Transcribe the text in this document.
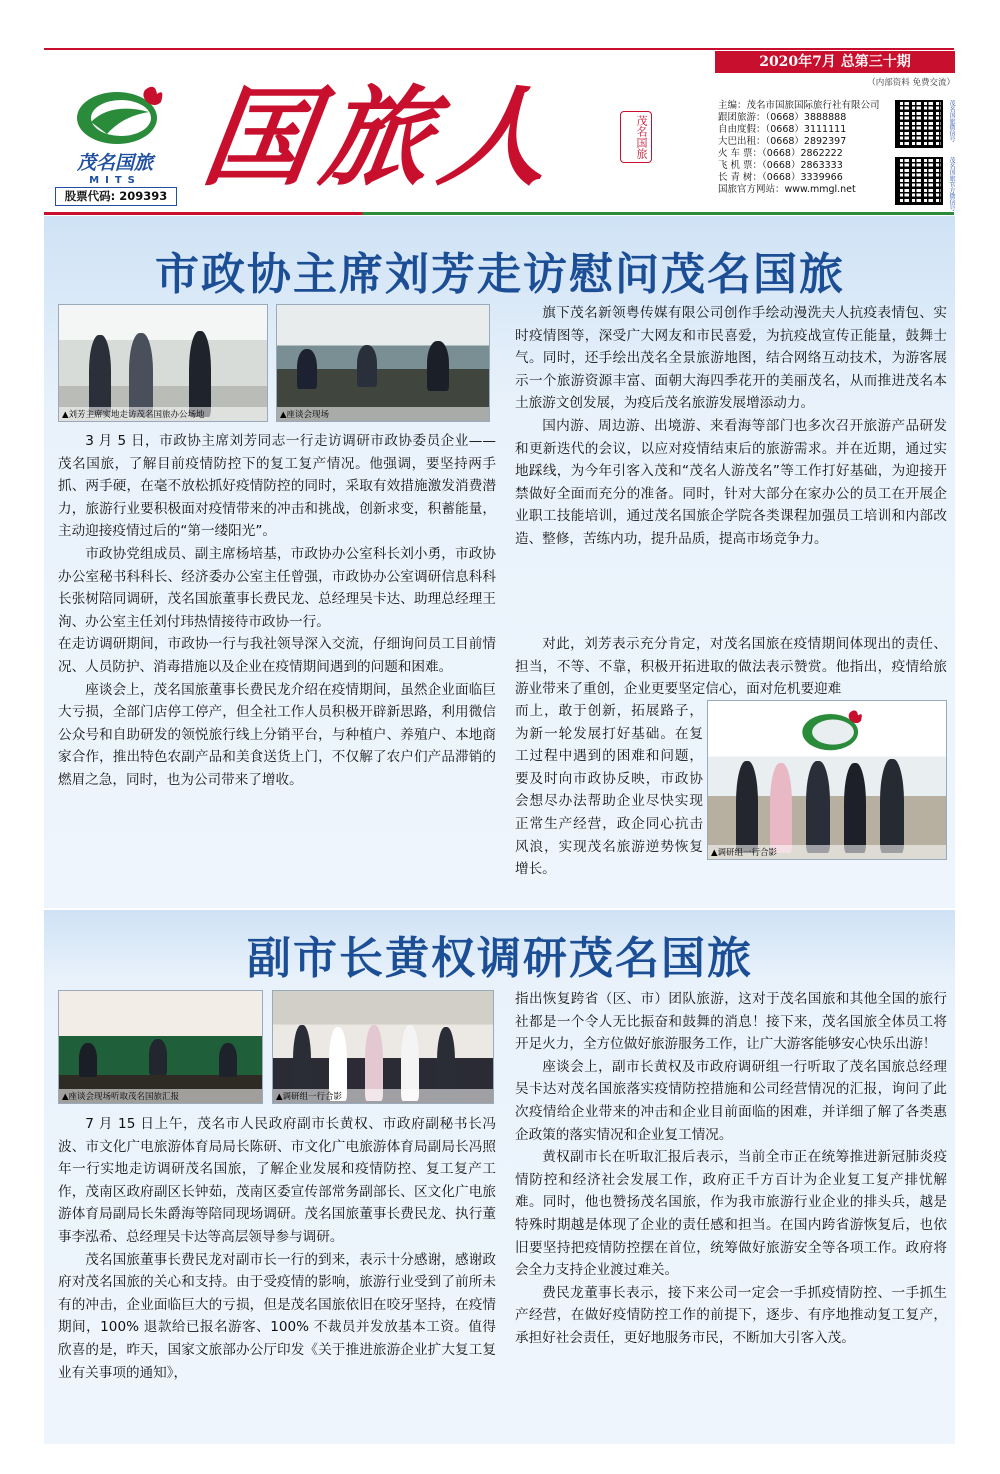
2020年7月 总第三十期
（内部资料 免费交流）
茂名国旅
MITS
股票代码: 209393 国旅人	茂名国旅
主编：茂名市国旅国际旅行社有限公司
跟团旅游：（0668）3888888
自由度假：（0668）3111111
大巴出租：（0668）2892397
火 车 票：（0668）2862222
飞 机 票：（0668）2863333
长 青 树：（0668）3339966
国旅官方网站：www.mmgl.net
茂名国旅微信号
茂名国旅官方微信号
市政协主席刘芳走访慰问茂名国旅
▲刘芳主席实地走访茂名国旅办公场地	▲座谈会现场

3 月 5 日，市政协主席刘芳同志一行走访调研市政协委员企业——茂名国旅，了解目前疫情防控下的复工复产情况。他强调，要坚持两手抓、两手硬，在毫不放松抓好疫情防控的同时，采取有效措施激发消费潜力，旅游行业要积极面对疫情带来的冲击和挑战，创新求变，积蓄能量，主动迎接疫情过后的“第一缕阳光”。

市政协党组成员、副主席杨培基，市政协办公室科长刘小勇，市政协办公室秘书科科长、经济委办公室主任曾强，市政协办公室调研信息科科长张树陪同调研，茂名国旅董事长费民龙、总经理吴卡达、助理总经理王洵、办公室主任刘付玮热情接待市政协一行。

在走访调研期间，市政协一行与我社领导深入交流，仔细询问员工目前情况、人员防护、消毒措施以及企业在疫情期间遇到的问题和困难。

座谈会上，茂名国旅董事长费民龙介绍在疫情期间，虽然企业面临巨大亏损，全部门店停工停产，但全社工作人员积极开辟新思路，利用微信公众号和自助研发的领悦旅行线上分销平台，与种植户、养殖户、本地商家合作，推出特色农副产品和美食送货上门，不仅解了农户们产品滞销的燃眉之急，同时，也为公司带来了增收。

旗下茂名新领粤传媒有限公司创作手绘动漫洗夫人抗疫表情包、实时疫情图等，深受广大网友和市民喜爱，为抗疫战宣传正能量，鼓舞士气。同时，还手绘出茂名全景旅游地图，结合网络互动技术，为游客展示一个旅游资源丰富、面朝大海四季花开的美丽茂名，从而推进茂名本土旅游文创发展，为疫后茂名旅游发展增添动力。

国内游、周边游、出境游、来看海等部门也多次召开旅游产品研发和更新迭代的会议，以应对疫情结束后的旅游需求。并在近期，通过实地踩线，为今年引客入茂和“茂名人游茂名”等工作打好基础，为迎接开禁做好全面而充分的准备。同时，针对大部分在家办公的员工在开展企业职工技能培训，通过茂名国旅企学院各类课程加强员工培训和内部改造、整修，苦练内功，提升品质，提高市场竞争力。

对此，刘芳表示充分肯定，对茂名国旅在疫情期间体现出的责任、担当，不等、不靠，积极开拓进取的做法表示赞赏。他指出，疫情给旅游业带来了重创，企业更要坚定信心，面对危机要迎难

而上，敢于创新，拓展路子，为新一轮发展打好基础。在复工过程中遇到的困难和问题，要及时向市政协反映，市政协会想尽办法帮助企业尽快实现正常生产经营，政企同心抗击风浪，实现茂名旅游逆势恢复增长。

▲调研组一行合影
副市长黄权调研茂名国旅
▲座谈会现场听取茂名国旅汇报	▲调研组一行合影

7 月 15 日上午，茂名市人民政府副市长黄权、市政府副秘书长冯波、市文化广电旅游体育局局长陈研、市文化广电旅游体育局副局长冯照年一行实地走访调研茂名国旅，了解企业发展和疫情防控、复工复产工作，茂南区政府副区长钟茹，茂南区委宣传部常务副部长、区文化广电旅游体育局副局长朱爵海等陪同现场调研。茂名国旅董事长费民龙、执行董事李泓希、总经理吴卡达等高层领导参与调研。

茂名国旅董事长费民龙对副市长一行的到来，表示十分感谢，感谢政府对茂名国旅的关心和支持。由于受疫情的影响，旅游行业受到了前所未有的冲击，企业面临巨大的亏损，但是茂名国旅依旧在咬牙坚持，在疫情期间，100% 退款给已报名游客、100% 不裁员并发放基本工资。值得欣喜的是，昨天，国家文旅部办公厅印发《关于推进旅游企业扩大复工复业有关事项的通知》，

指出恢复跨省（区、市）团队旅游，这对于茂名国旅和其他全国的旅行社都是一个令人无比振奋和鼓舞的消息！接下来，茂名国旅全体员工将开足火力，全方位做好旅游服务工作，让广大游客能够安心快乐出游！

座谈会上，副市长黄权及市政府调研组一行听取了茂名国旅总经理吴卡达对茂名国旅落实疫情防控措施和公司经营情况的汇报，询问了此次疫情给企业带来的冲击和企业目前面临的困难，并详细了解了各类惠企政策的落实情况和企业复工情况。

黄权副市长在听取汇报后表示，当前全市正在统筹推进新冠肺炎疫情防控和经济社会发展工作，政府正千方百计为企业复工复产排忧解难。同时，他也赞扬茂名国旅，作为我市旅游行业企业的排头兵，越是特殊时期越是体现了企业的责任感和担当。在国内跨省游恢复后，也依旧要坚持把疫情防控摆在首位，统筹做好旅游安全等各项工作。政府将会全力支持企业渡过难关。

费民龙董事长表示，接下来公司一定会一手抓疫情防控、一手抓生产经营，在做好疫情防控工作的前提下，逐步、有序地推动复工复产，承担好社会责任，更好地服务市民，不断加大引客入茂。
